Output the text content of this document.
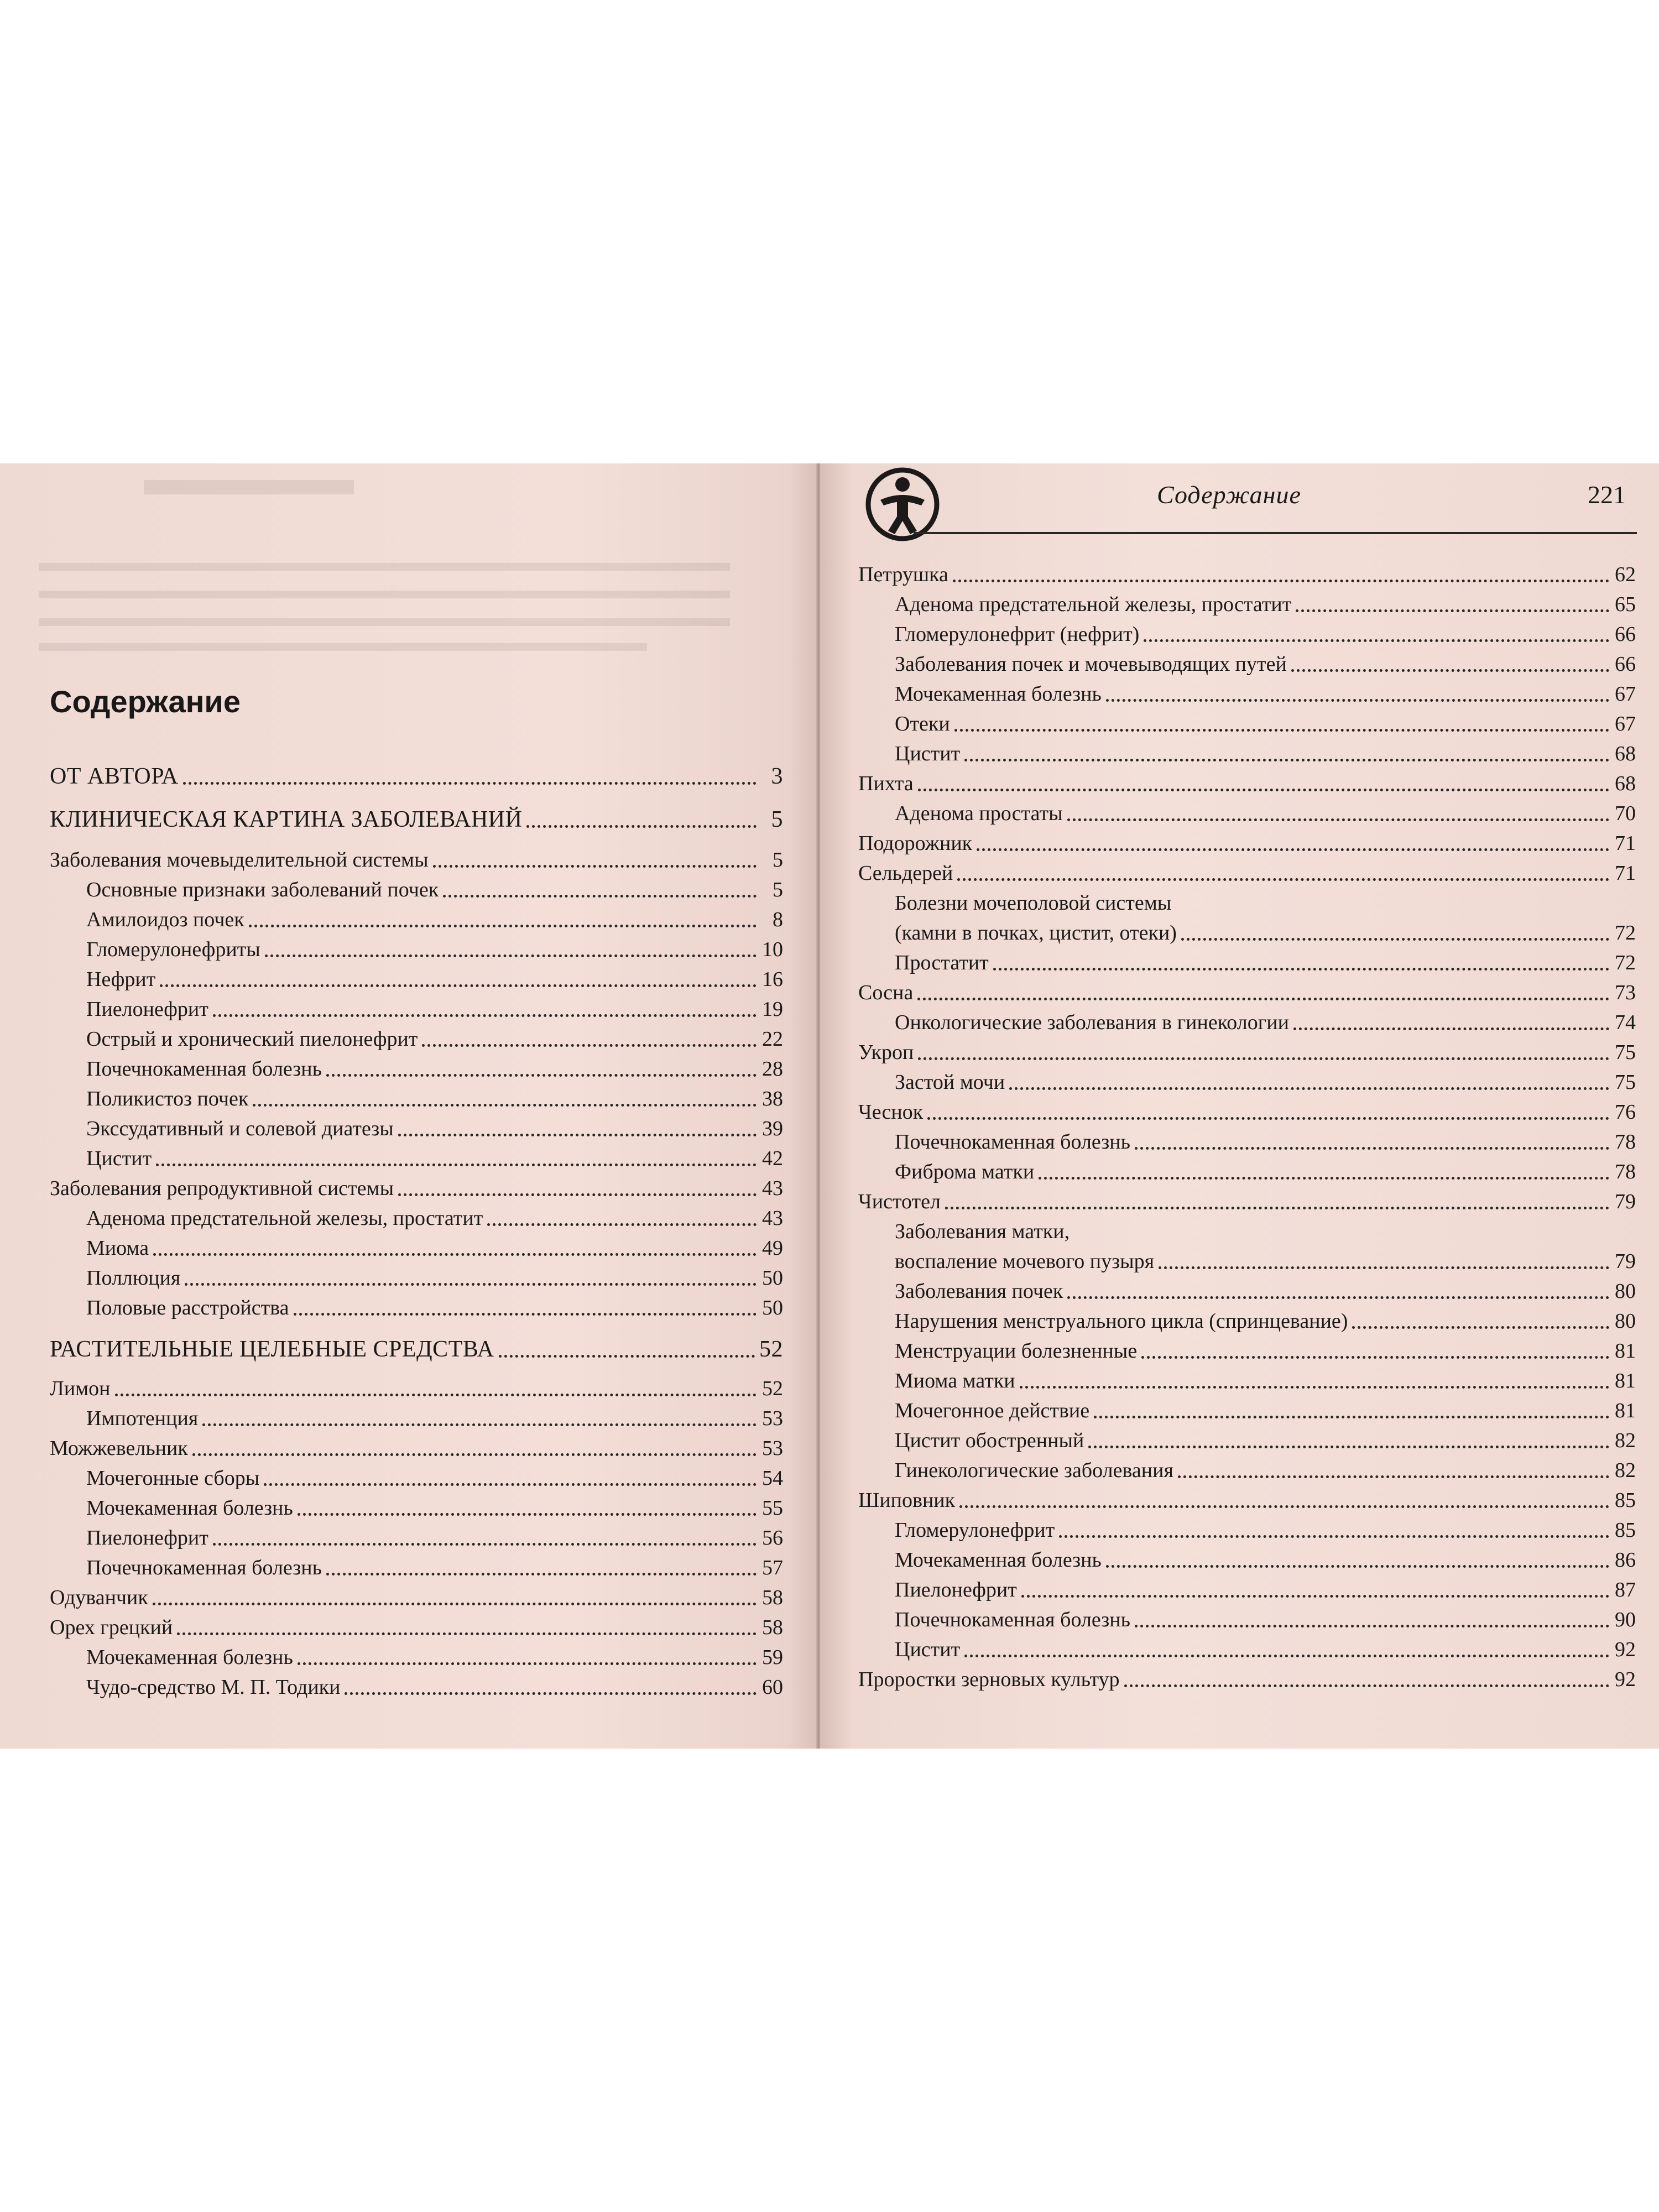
Содержание
ОТ АВТОРА	3
КЛИНИЧЕСКАЯ КАРТИНА ЗАБОЛЕВАНИЙ	5
Заболевания мочевыделительной системы	5
Основные признаки заболеваний почек	5
Амилоидоз почек	8
Гломерулонефриты	10
Нефрит	16
Пиелонефрит	19
Острый и хронический пиелонефрит	22
Почечнокаменная болезнь	28
Поликистоз почек	38
Экссудативный и солевой диатезы	39
Цистит	42
Заболевания репродуктивной системы	43
Аденома предстательной железы, простатит	43
Миома	49
Поллюция	50
Половые расстройства	50
РАСТИТЕЛЬНЫЕ ЦЕЛЕБНЫЕ СРЕДСТВА	52
Лимон	52
Импотенция	53
Можжевельник	53
Мочегонные сборы	54
Мочекаменная болезнь	55
Пиелонефрит	56
Почечнокаменная болезнь	57
Одуванчик	58
Орех грецкий	58
Мочекаменная болезнь	59
Чудо-средство М. П. Тодики	60
Содержание	221
Петрушка	62
Аденома предстательной железы, простатит	65
Гломерулонефрит (нефрит)	66
Заболевания почек и мочевыводящих путей	66
Мочекаменная болезнь	67
Отеки	67
Цистит	68
Пихта	68
Аденома простаты	70
Подорожник	71
Сельдерей	71
Болезни мочеполовой системы
(камни в почках, цистит, отеки)	72
Простатит	72
Сосна	73
Онкологические заболевания в гинекологии	74
Укроп	75
Застой мочи	75
Чеснок	76
Почечнокаменная болезнь	78
Фиброма матки	78
Чистотел	79
Заболевания матки,
воспаление мочевого пузыря	79
Заболевания почек	80
Нарушения менструального цикла (спринцевание)	80
Менструации болезненные	81
Миома матки	81
Мочегонное действие	81
Цистит обостренный	82
Гинекологические заболевания	82
Шиповник	85
Гломерулонефрит	85
Мочекаменная болезнь	86
Пиелонефрит	87
Почечнокаменная болезнь	90
Цистит	92
Проростки зерновых культур	92
